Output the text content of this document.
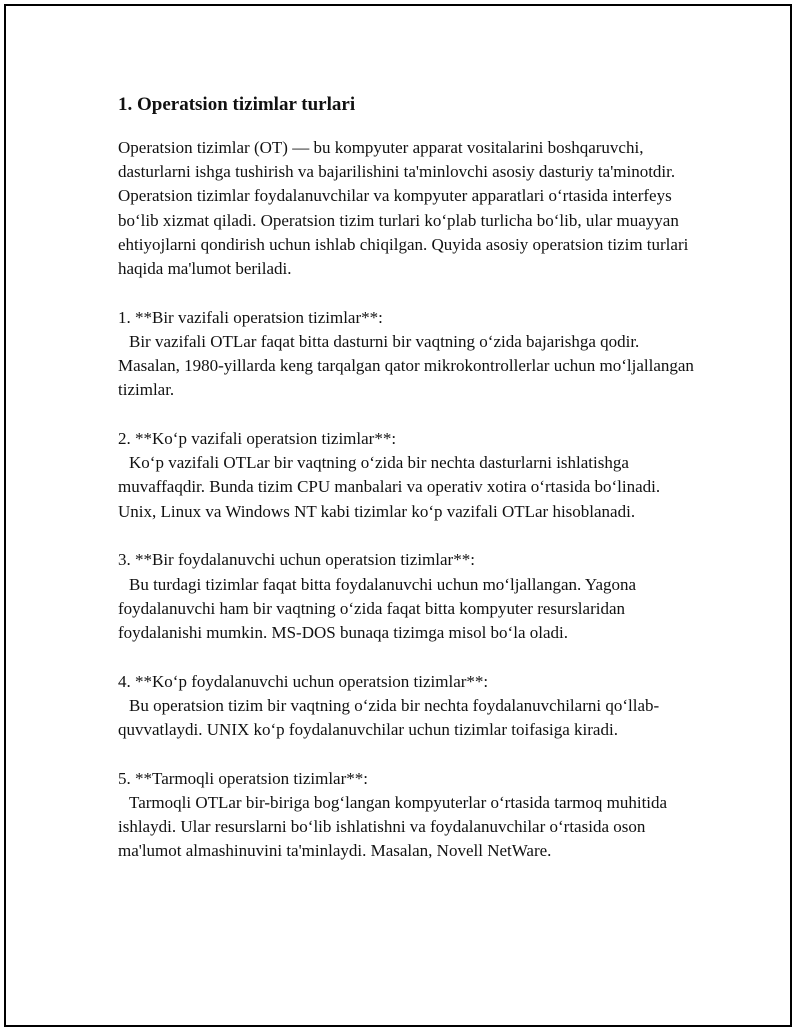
1. Operatsion tizimlar turlari

Operatsion tizimlar (OT) — bu kompyuter apparat vositalarini boshqaruvchi, dasturlarni ishga tushirish va bajarilishini ta'minlovchi asosiy dasturiy ta'minotdir. Operatsion tizimlar foydalanuvchilar va kompyuter apparatlari o‘rtasida interfeys bo‘lib xizmat qiladi. Operatsion tizim turlari ko‘plab turlicha bo‘lib, ular muayyan ehtiyojlarni qondirish uchun ishlab chiqilgan. Quyida asosiy operatsion tizim turlari haqida ma'lumot beriladi.

1. **Bir vazifali operatsion tizimlar**:
Bir vazifali OTLar faqat bitta dasturni bir vaqtning o‘zida bajarishga qodir. Masalan, 1980-yillarda keng tarqalgan qator mikrokontrollerlar uchun mo‘ljallangan tizimlar.
2. **Ko‘p vazifali operatsion tizimlar**:
Ko‘p vazifali OTLar bir vaqtning o‘zida bir nechta dasturlarni ishlatishga muvaffaqdir. Bunda tizim CPU manbalari va operativ xotira o‘rtasida bo‘linadi. Unix, Linux va Windows NT kabi tizimlar ko‘p vazifali OTLar hisoblanadi.
3. **Bir foydalanuvchi uchun operatsion tizimlar**:
Bu turdagi tizimlar faqat bitta foydalanuvchi uchun mo‘ljallangan. Yagona foydalanuvchi ham bir vaqtning o‘zida faqat bitta kompyuter resurslaridan foydalanishi mumkin. MS-DOS bunaqa tizimga misol bo‘la oladi.
4. **Ko‘p foydalanuvchi uchun operatsion tizimlar**:
Bu operatsion tizim bir vaqtning o‘zida bir nechta foydalanuvchilarni qo‘llab-quvvatlaydi. UNIX ko‘p foydalanuvchilar uchun tizimlar toifasiga kiradi.
5. **Tarmoqli operatsion tizimlar**:
Tarmoqli OTLar bir-biriga bog‘langan kompyuterlar o‘rtasida tarmoq muhitida ishlaydi. Ular resurslarni bo‘lib ishlatishni va foydalanuvchilar o‘rtasida oson ma'lumot almashinuvini ta'minlaydi. Masalan, Novell NetWare.
